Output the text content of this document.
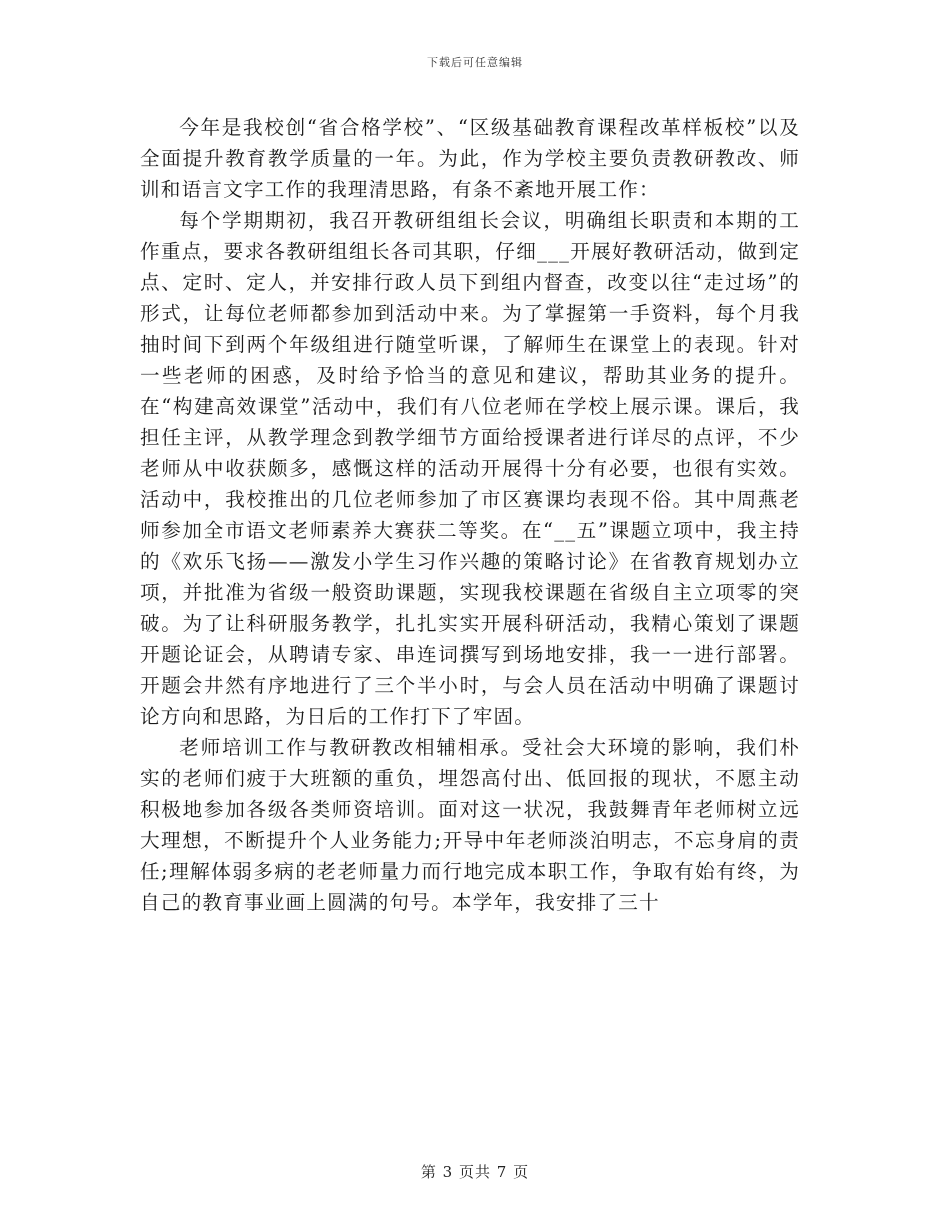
下载后可任意编辑

今年是我校创“省合格学校”、“区级基础教育课程改革样板校”以及全面提升教育教学质量的一年。为此，作为学校主要负责教研教改、师训和语言文字工作的我理清思路，有条不紊地开展工作：

每个学期期初，我召开教研组组长会议，明确组长职责和本期的工作重点，要求各教研组组长各司其职，仔细___开展好教研活动，做到定点、定时、定人，并安排行政人员下到组内督查，改变以往“走过场”的形式，让每位老师都参加到活动中来。为了掌握第一手资料，每个月我抽时间下到两个年级组进行随堂听课，了解师生在课堂上的表现。针对一些老师的困惑，及时给予恰当的意见和建议，帮助其业务的提升。在“构建高效课堂”活动中，我们有八位老师在学校上展示课。课后，我担任主评，从教学理念到教学细节方面给授课者进行详尽的点评，不少老师从中收获颇多，感慨这样的活动开展得十分有必要，也很有实效。活动中，我校推出的几位老师参加了市区赛课均表现不俗。其中周燕老师参加全市语文老师素养大赛获二等奖。在“__五”课题立项中，我主持的《欢乐飞扬——激发小学生习作兴趣的策略讨论》在省教育规划办立项，并批准为省级一般资助课题，实现我校课题在省级自主立项零的突破。为了让科研服务教学，扎扎实实开展科研活动，我精心策划了课题开题论证会，从聘请专家、串连词撰写到场地安排，我一一进行部署。开题会井然有序地进行了三个半小时，与会人员在活动中明确了课题讨论方向和思路，为日后的工作打下了牢固。

老师培训工作与教研教改相辅相承。受社会大环境的影响，我们朴实的老师们疲于大班额的重负，埋怨高付出、低回报的现状，不愿主动积极地参加各级各类师资培训。面对这一状况，我鼓舞青年老师树立远大理想，不断提升个人业务能力;开导中年老师淡泊明志，不忘身肩的责任;理解体弱多病的老老师量力而行地完成本职工作，争取有始有终，为自己的教育事业画上圆满的句号。本学年，我安排了三十

第 3 页共 7 页
